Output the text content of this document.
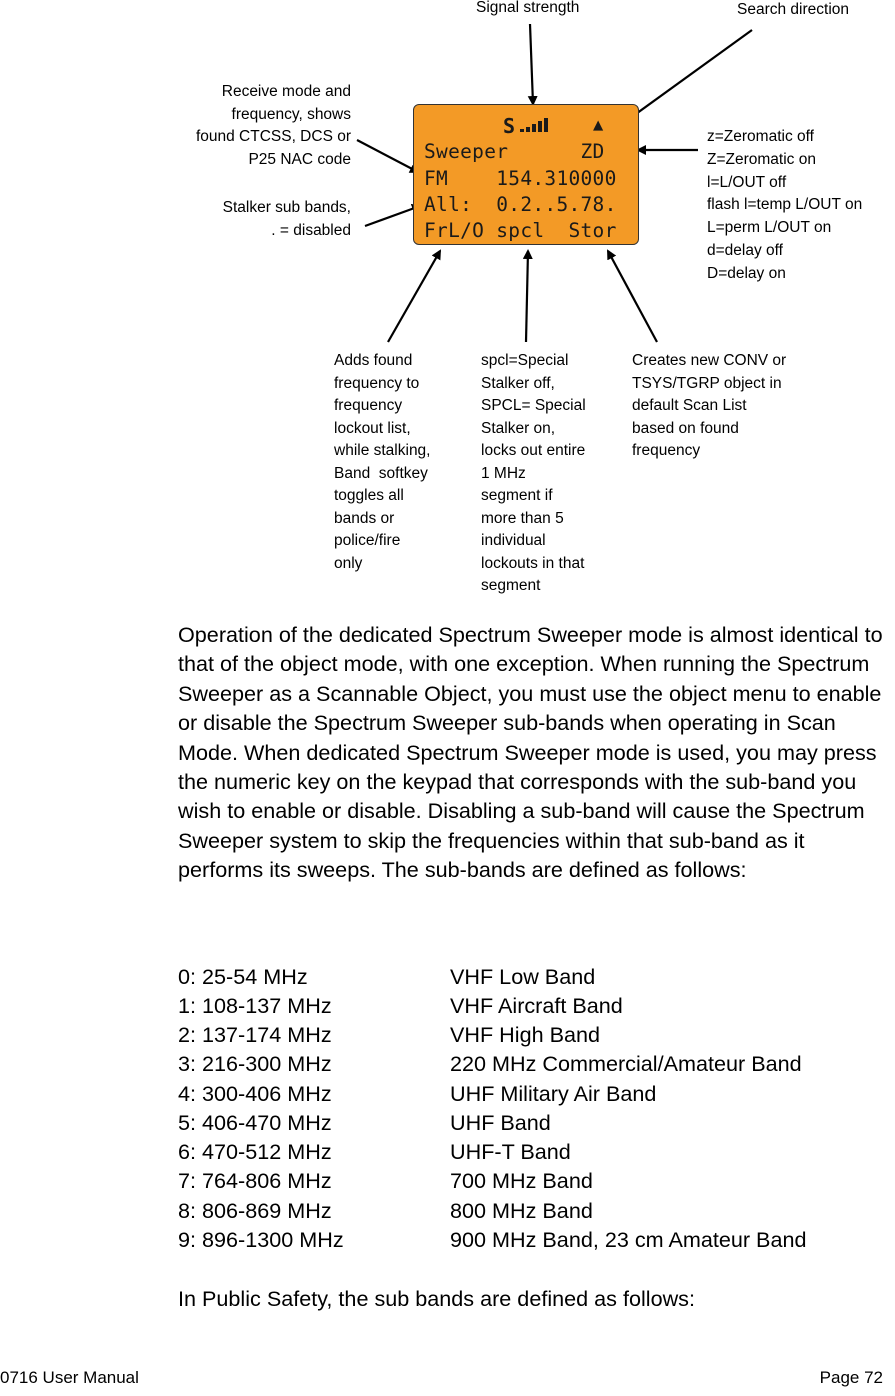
Signal strength	Search direction
Receive mode and
frequency, shows
found CTCSS, DCS or
P25 NAC code
Stalker sub bands,
. = disabled
z=Zeromatic off
Z=Zeromatic on
l=L/OUT off
flash l=temp L/OUT on
L=perm L/OUT on
d=delay off
D=delay on
Adds found
frequency to
frequency
lockout list,
while stalking,
Band  softkey
toggles all
bands or
police/fire
only
spcl=Special
Stalker off,
SPCL= Special
Stalker on,
locks out entire
1 MHz
segment if
more than 5
individual
lockouts in that
segment
Creates new CONV or
TSYS/TGRP object in
default Scan List
based on found
frequency
S	▲
Sweeper      ZD
FM    154.310000
All:  0.2..5.78.
FrL/O spcl  Stor

Operation of the dedicated Spectrum Sweeper mode is almost identical to that of the object mode, with one exception. When running the Spectrum Sweeper as a Scannable Object, you must use the object menu to enable or disable the Spectrum Sweeper sub-bands when operating in Scan Mode. When dedicated Spectrum Sweeper mode is used, you may press the numeric key on the keypad that corresponds with the sub-band you wish to enable or disable. Disabling a sub-band will cause the Spectrum Sweeper system to skip the frequencies within that sub-band as it performs its sweeps. The sub-bands are defined as follows:

0: 25-54 MHz	VHF Low Band
1: 108-137 MHz	VHF Aircraft Band
2: 137-174 MHz	VHF High Band
3: 216-300 MHz	220 MHz Commercial/Amateur Band
4: 300-406 MHz	UHF Military Air Band
5: 406-470 MHz	UHF Band
6: 470-512 MHz	UHF-T Band
7: 764-806 MHz	700 MHz Band
8: 806-869 MHz	800 MHz Band
9: 896-1300 MHz	900 MHz Band, 23 cm Amateur Band

In Public Safety, the sub bands are defined as follows:

0716 User Manual	Page 72
